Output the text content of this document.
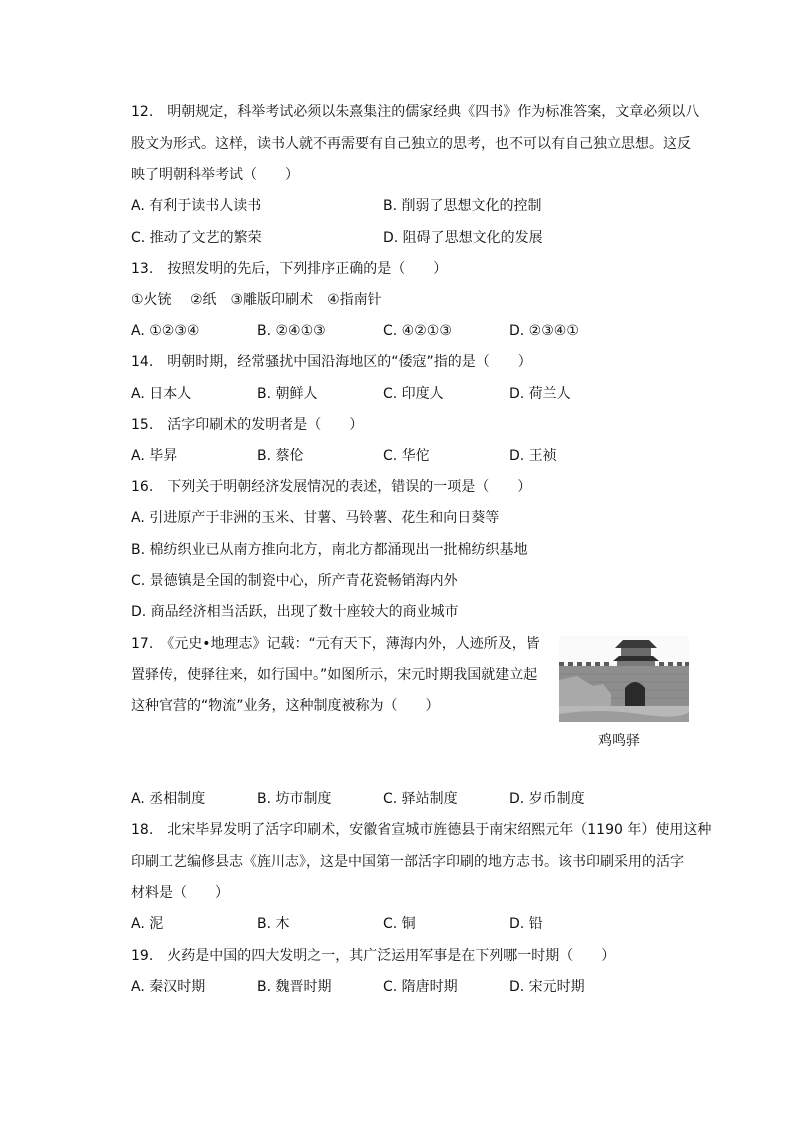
12.　明朝规定，科举考试必须以朱熹集注的儒家经典《四书》作为标准答案，文章必须以八
股文为形式。这样，读书人就不再需要有自己独立的思考，也不可以有自己独立思想。这反
映了明朝科举考试（　　）
A. 有利于读书人读书	B. 削弱了思想文化的控制
C. 推动了文艺的繁荣	D. 阻碍了思想文化的发展
13.　按照发明的先后，下列排序正确的是（　　）
①火铳　 ②纸　③雕版印刷术　④指南针
A. ①②③④	B. ②④①③	C. ④②①③	D. ②③④①
14.　明朝时期，经常骚扰中国沿海地区的“倭寇”指的是（　　）
A. 日本人	B. 朝鲜人	C. 印度人	D. 荷兰人
15.　活字印刷术的发明者是（　　）
A. 毕昇	B. 蔡伦	C. 华佗	D. 王祯
16.　下列关于明朝经济发展情况的表述，错误的一项是（　　）
A. 引进原产于非洲的玉米、甘薯、马铃薯、花生和向日葵等
B. 棉纺织业已从南方推向北方，南北方都涌现出一批棉纺织基地
C. 景德镇是全国的制瓷中心，所产青花瓷畅销海内外
D. 商品经济相当活跃，出现了数十座较大的商业城市
17.　《元史•地理志》记载：“元有天下，薄海内外，人迹所及，皆
置驿传，使驿往来，如行国中。”如图所示，宋元时期我国就建立起
这种官营的“物流”业务，这种制度被称为（　　）
鸡鸣驿
A. 丞相制度	B. 坊市制度	C. 驿站制度	D. 岁币制度
18.　北宋毕昇发明了活字印刷术，安徽省宣城市旌德县于南宋绍熙元年（1190 年）使用这种
印刷工艺编修县志《旌川志》，这是中国第一部活字印刷的地方志书。该书印刷采用的活字
材料是（　　）
A. 泥	B. 木	C. 铜	D. 铅
19.　火药是中国的四大发明之一，其广泛运用军事是在下列哪一时期（　　）
A. 秦汉时期	B. 魏晋时期	C. 隋唐时期	D. 宋元时期
